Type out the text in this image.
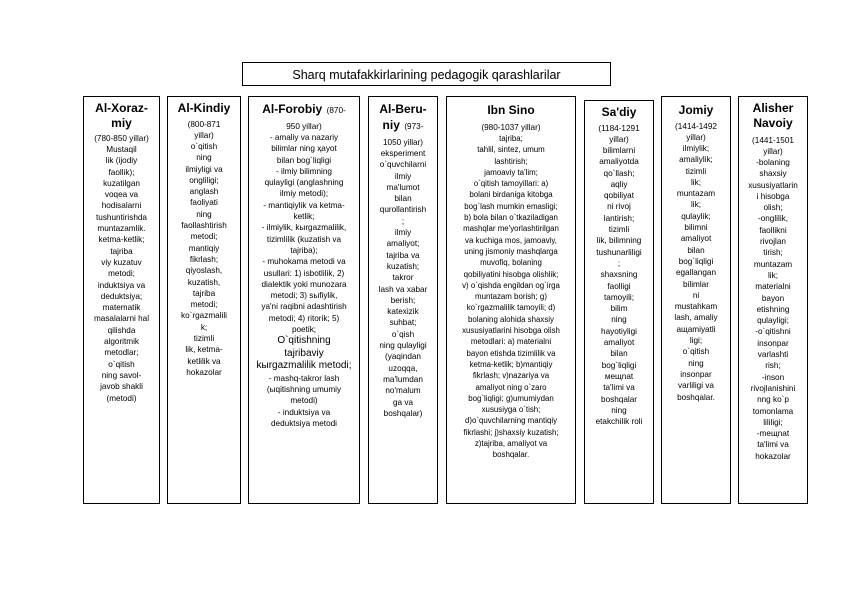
Sharq mutafakkirlarining pedagogik qarashlarilar
Al-Xoraz-
miy
(780-850 yillar)
Mustaqil
lik (ijodiy
faollik);
kuzatilgan
voqea va
hodisalarni
tushuntirishda
muntazamlik.
ketma-ketlik;
tajriba
viy kuzatuv
metodi;
induktsiya va
deduktsiya;
matematik
masalalarni hal
qilishda
algoritmik
metodlar;
o`qitish
ning savol-
javob shakli
(metodi)
Al-Kindiy
(800-871
yillar)
o`qitish
ning
ilmiyligi va
ongliligi;
anglash
faoliyati
ning
faollashtirish
metodi;
mantiqiy
fikrlash;
qiyoslash,
kuzatish,
tajriba
metodi;
ko`rgazmalili
k;
tizimli
lik, ketma-
ketlilik va
hokazolar
Al-Forobiy (870-
950 yillar)
- amaliy va nazariy
bilimlar ning ҳayot
bilan bog`liqligi
- ilmiy bilimning
qulayligi (anglashning
ilmiy metodi);
- mantiqiylik va ketma-
ketlik;
- ilmiylik, kыrgazmalilik,
tizimlilik (kuzatish va
tajriba);
- muhokama metodi va
usullari: 1) isbotlilik, 2)
dialektik yoki munozara
metodi; 3) sыfiylik,
ya'ni raqibni adashtirish
metodi; 4) ritorik; 5)
poetik;
O`qitishning
tajribaviy
kыrgazmalilik metodi;
- mashq-takror lash
(ыqitishning umumiy
metodi)
- induktsiya va
deduktsiya metodi
Al-Beru-
niy (973-
1050 yillar)
eksperiment
o`quvchilarni
ilmiy
ma'lumot
bilan
qurollantirish
;
ilmiy
amaliyot;
tajriba va
kuzatish;
takror
lash va xabar
berish;
katexizik
suhbat;
o`qish
ning qulayligi
(yaqindan
uzoqqa,
ma'lumdan
no'malum
ga va
boshqalar)
Ibn Sino
(980-1037 yillar)
tajriba;
tahlil, sintez, umum
lashtirish;
jamoaviy ta'lim;
o`qitish tamoyillari: a)
bolani birdaniga kitobga
bog`lash mumkin emasligi;
b) bola bilan o`tkaziladigan
mashqlar me'yorlashtirilgan
va kuchiga mos, jamoaviy,
uning jismoniy mashqlarga
muvofiq, bolaning
qobiliyatini hisobga olishlik;
v) o`qishda engildan og`irga
muntazam borish; g)
ko`rgazmalilik tamoyili; d)
bolaning alohida shaxsiy
xususiyatlarini hisobga olish
metodlari: a) materialni
bayon etishda tizimlilik va
ketma-ketlik; b)mantiqiy
fikrlash; v)nazariya va
amaliyot ning o`zaro
bog`liqligi; g)umumiydan
xususiyga o`tish;
d)o`quvchilarning mantiqiy
fikrlashi; j)shaxsiy kuzatish;
z)tajriba, amaliyot va
boshqalar.
Sa'diy
(1184-1291
yillar)
bilimlarni
amaliyotda
qo`llash;
aqliy
qobiliyat
ni rivoj
lantirish;
tizimli
lik, bilimning
tushunarliligi
;
shaxsning
faolligi
tamoyili;
bilim
ning
hayotiyligi
amaliyot
bilan
bog`liqligi
мeщnat
ta'limi va
boshqalar
ning
etakchilik roli
Jomiy
(1414-1492
yillar)
ilmiylik;
amaliylik;
tizimli
lik;
muntazam
lik;
qulaylik;
bilimni
amaliyot
bilan
bog`liqligi
egallangan
bilimlar
ni
mustahkam
lash, amaliy
aщamiyatli
ligi;
o`qitish
ning
insonpar
varliligi va
boshqalar.
Alisher
Navoiy
(1441-1501
yillar)
-bolaning
shaxsiy
xususiyatlarin
i hisobga
olish;
-onglilik,
faollikni
rivojlan
tirish;
muntazam
lik;
materialni
bayon
etishning
qulayligi;
-o`qitishni
insonpar
varlashti
rish;
-inson
rivojlanishini
nng ko`p
tomonlama
lililigi;
-meщnat
ta'limi va
hokazolar
